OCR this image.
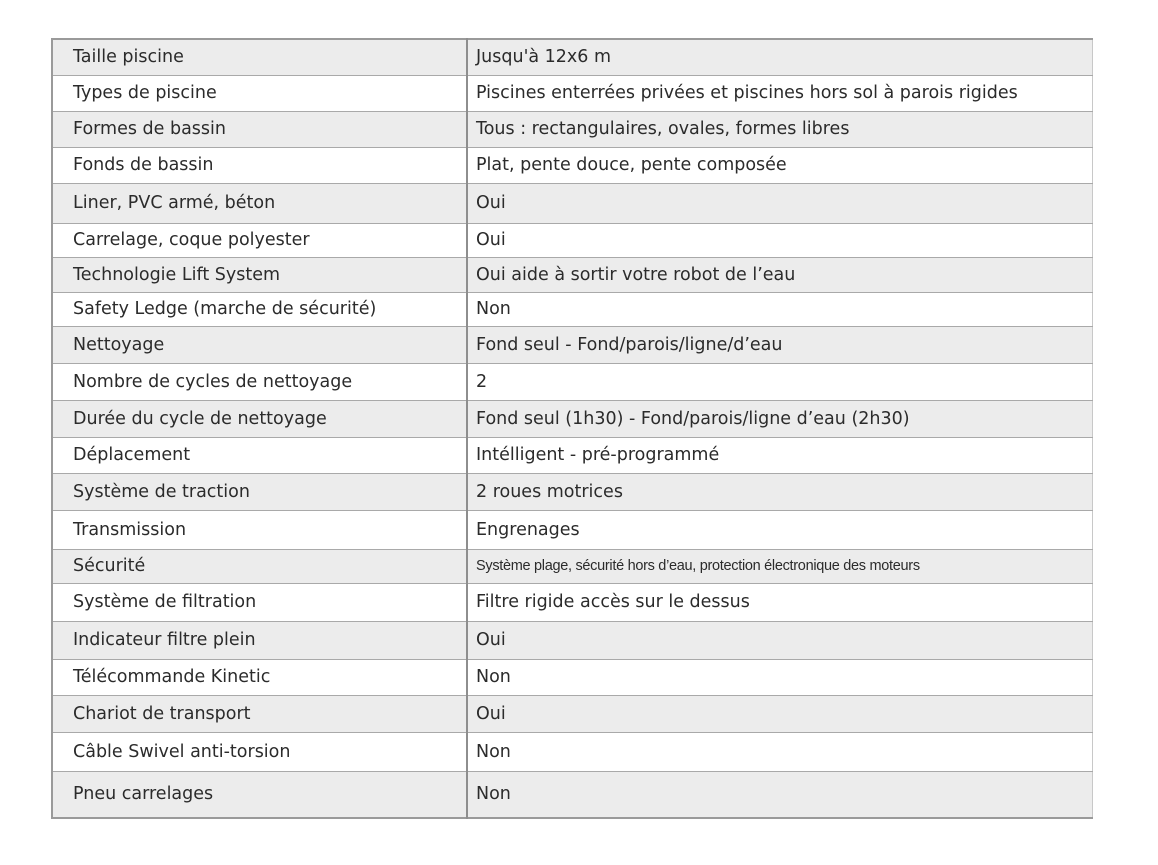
Taille piscine	Jusqu'à 12x6 m
Types de piscine	Piscines enterrées privées et piscines hors sol à parois rigides
Formes de bassin	Tous : rectangulaires, ovales, formes libres
Fonds de bassin	Plat, pente douce, pente composée
Liner, PVC armé, béton	Oui
Carrelage, coque polyester	Oui
Technologie Lift System	Oui aide à sortir votre robot de l’eau
Safety Ledge (marche de sécurité)	Non
Nettoyage	Fond seul - Fond/parois/ligne/d’eau
Nombre de cycles de nettoyage	2
Durée du cycle de nettoyage	Fond seul (1h30) - Fond/parois/ligne d’eau (2h30)
Déplacement	Intélligent - pré-programmé
Système de traction	2 roues motrices
Transmission	Engrenages
Sécurité	Système plage, sécurité hors d’eau, protection électronique des moteurs
Système de filtration	Filtre rigide accès sur le dessus
Indicateur filtre plein	Oui
Télécommande Kinetic	Non
Chariot de transport	Oui
Câble Swivel anti-torsion	Non
Pneu carrelages	Non
